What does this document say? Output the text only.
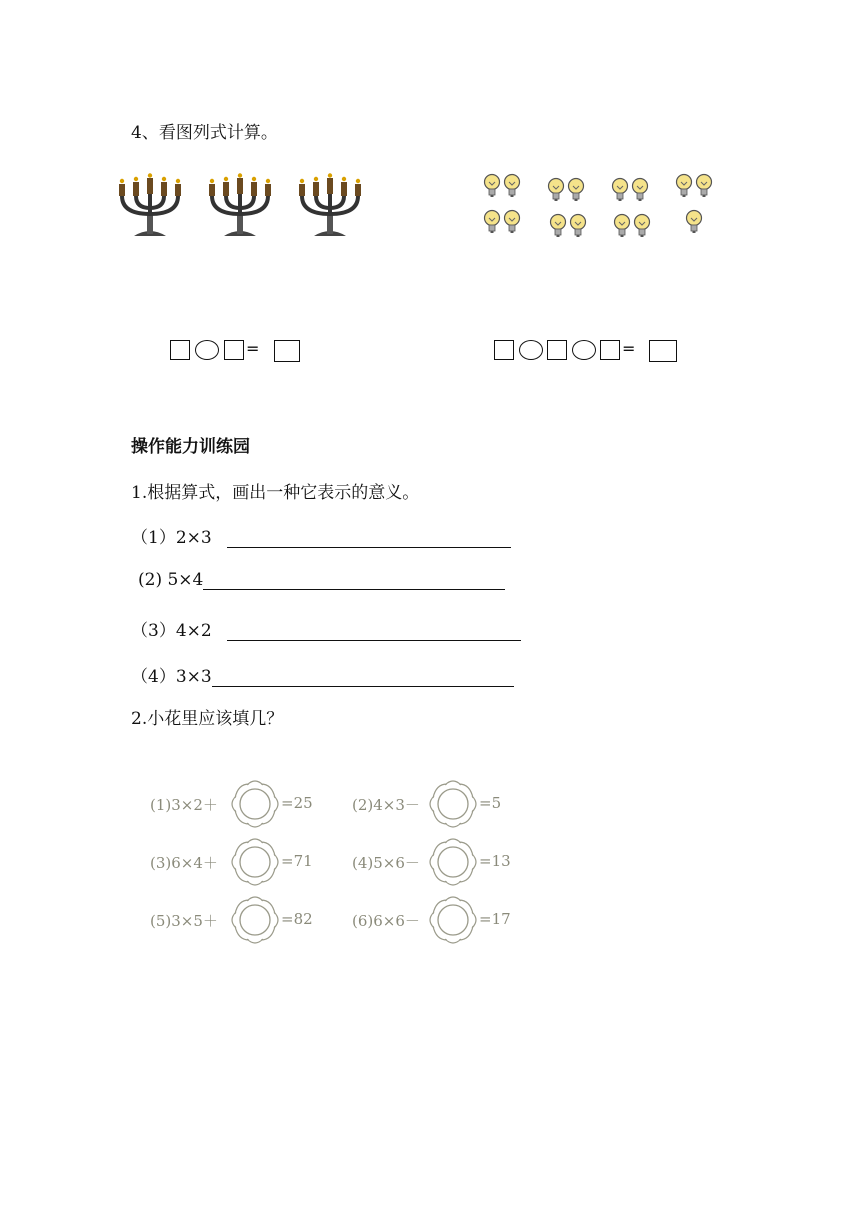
4、看图列式计算。
=	=
操作能力训练园
1.根据算式，画出一种它表示的意义。
（1）2×3
(2) 5×4
（3）4×2
（4）3×3
2.小花里应该填几？
(1)3×2＋	=25	(2)4×3－	=5
(3)6×4＋	=71	(4)5×6－	=13
(5)3×5＋	=82	(6)6×6－	=17
